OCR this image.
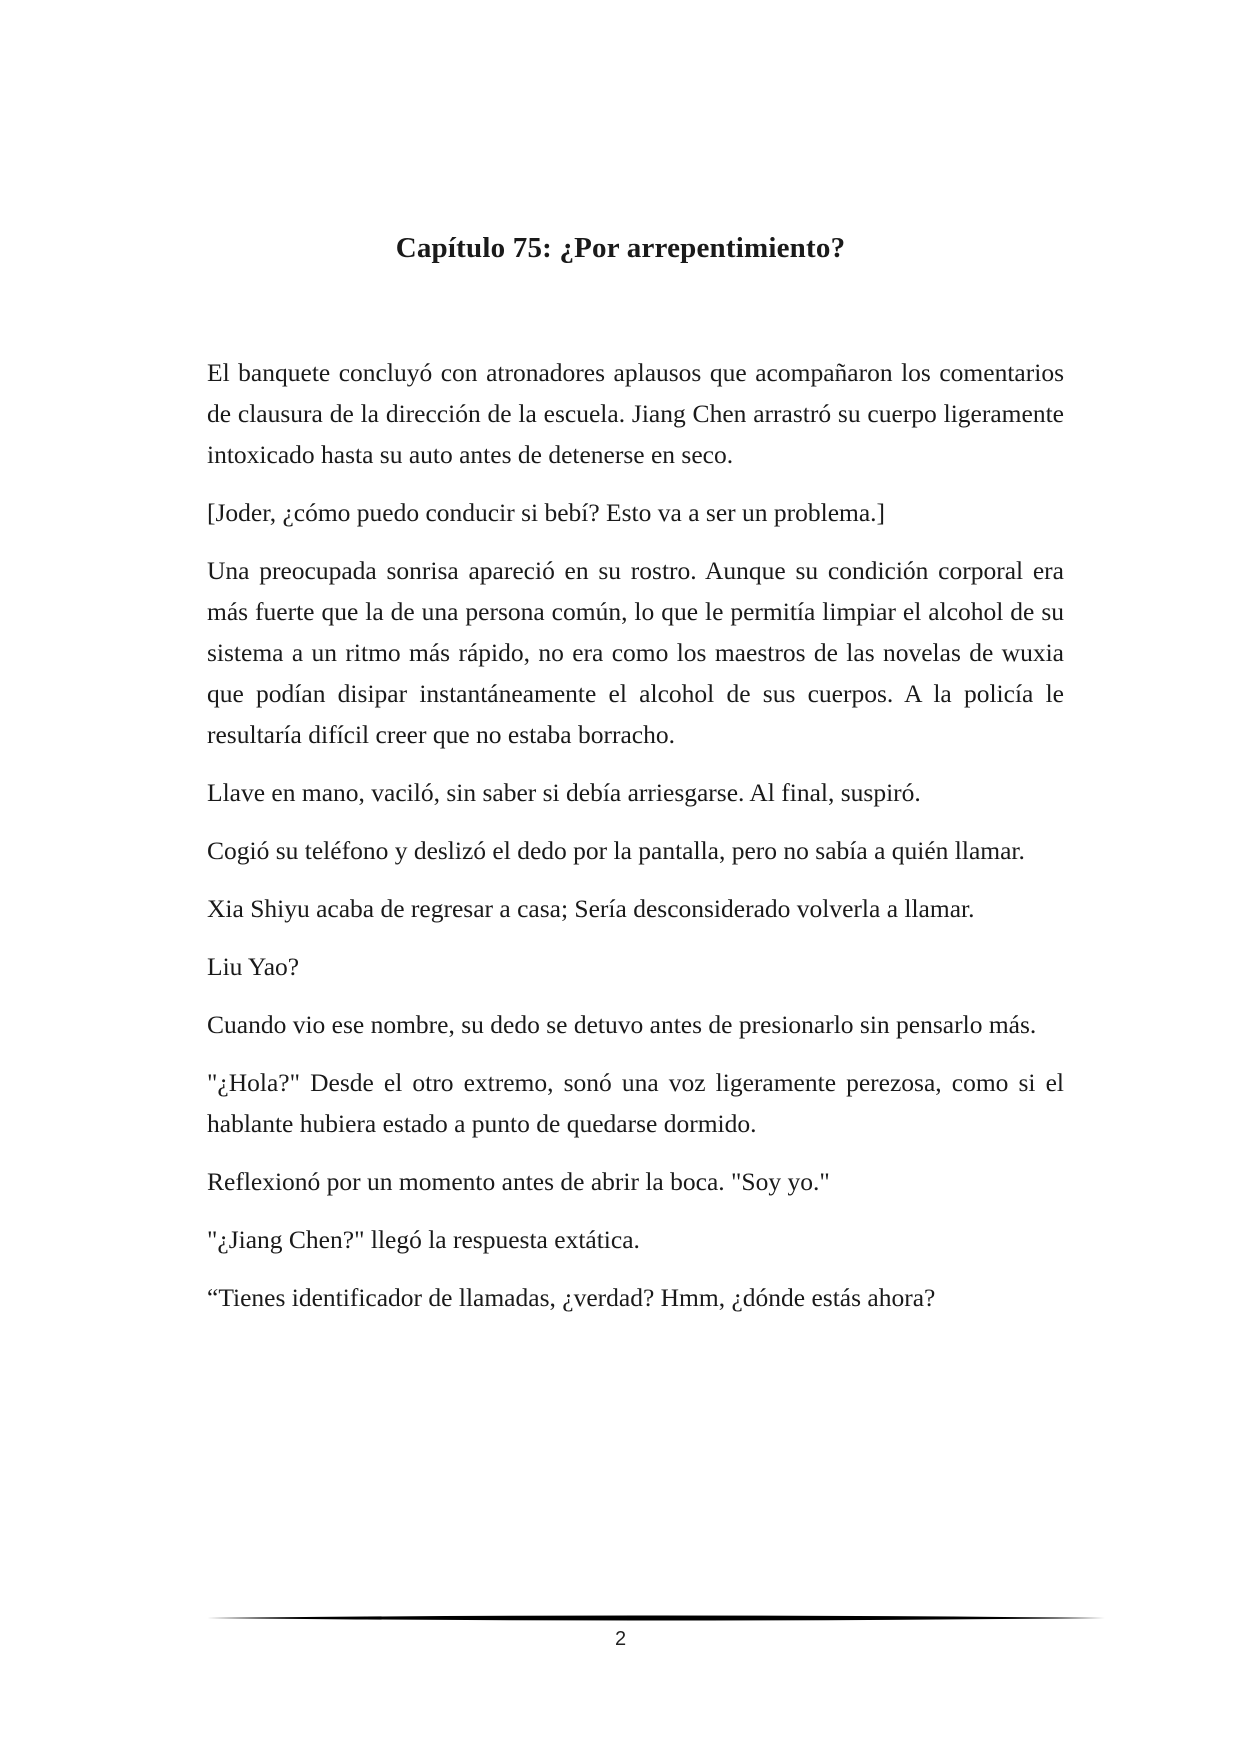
Capítulo 75: ¿Por arrepentimiento?

El banquete concluyó con atronadores aplausos que acompañaron los comentarios de clausura de la dirección de la escuela. Jiang Chen arrastró su cuerpo ligeramente intoxicado hasta su auto antes de detenerse en seco.

[Joder, ¿cómo puedo conducir si bebí? Esto va a ser un problema.]

Una preocupada sonrisa apareció en su rostro. Aunque su condición corporal era más fuerte que la de una persona común, lo que le permitía limpiar el alcohol de su sistema a un ritmo más rápido, no era como los maestros de las novelas de wuxia que podían disipar instantáneamente el alcohol de sus cuerpos. A la policía le resultaría difícil creer que no estaba borracho.

Llave en mano, vaciló, sin saber si debía arriesgarse. Al final, suspiró.

Cogió su teléfono y deslizó el dedo por la pantalla, pero no sabía a quién llamar.

Xia Shiyu acaba de regresar a casa; Sería desconsiderado volverla a llamar.

Liu Yao?

Cuando vio ese nombre, su dedo se detuvo antes de presionarlo sin pensarlo más.

"¿Hola?" Desde el otro extremo, sonó una voz ligeramente perezosa, como si el hablante hubiera estado a punto de quedarse dormido.

Reflexionó por un momento antes de abrir la boca. "Soy yo."

"¿Jiang Chen?" llegó la respuesta extática.

“Tienes identificador de llamadas, ¿verdad? Hmm, ¿dónde estás ahora?

2
